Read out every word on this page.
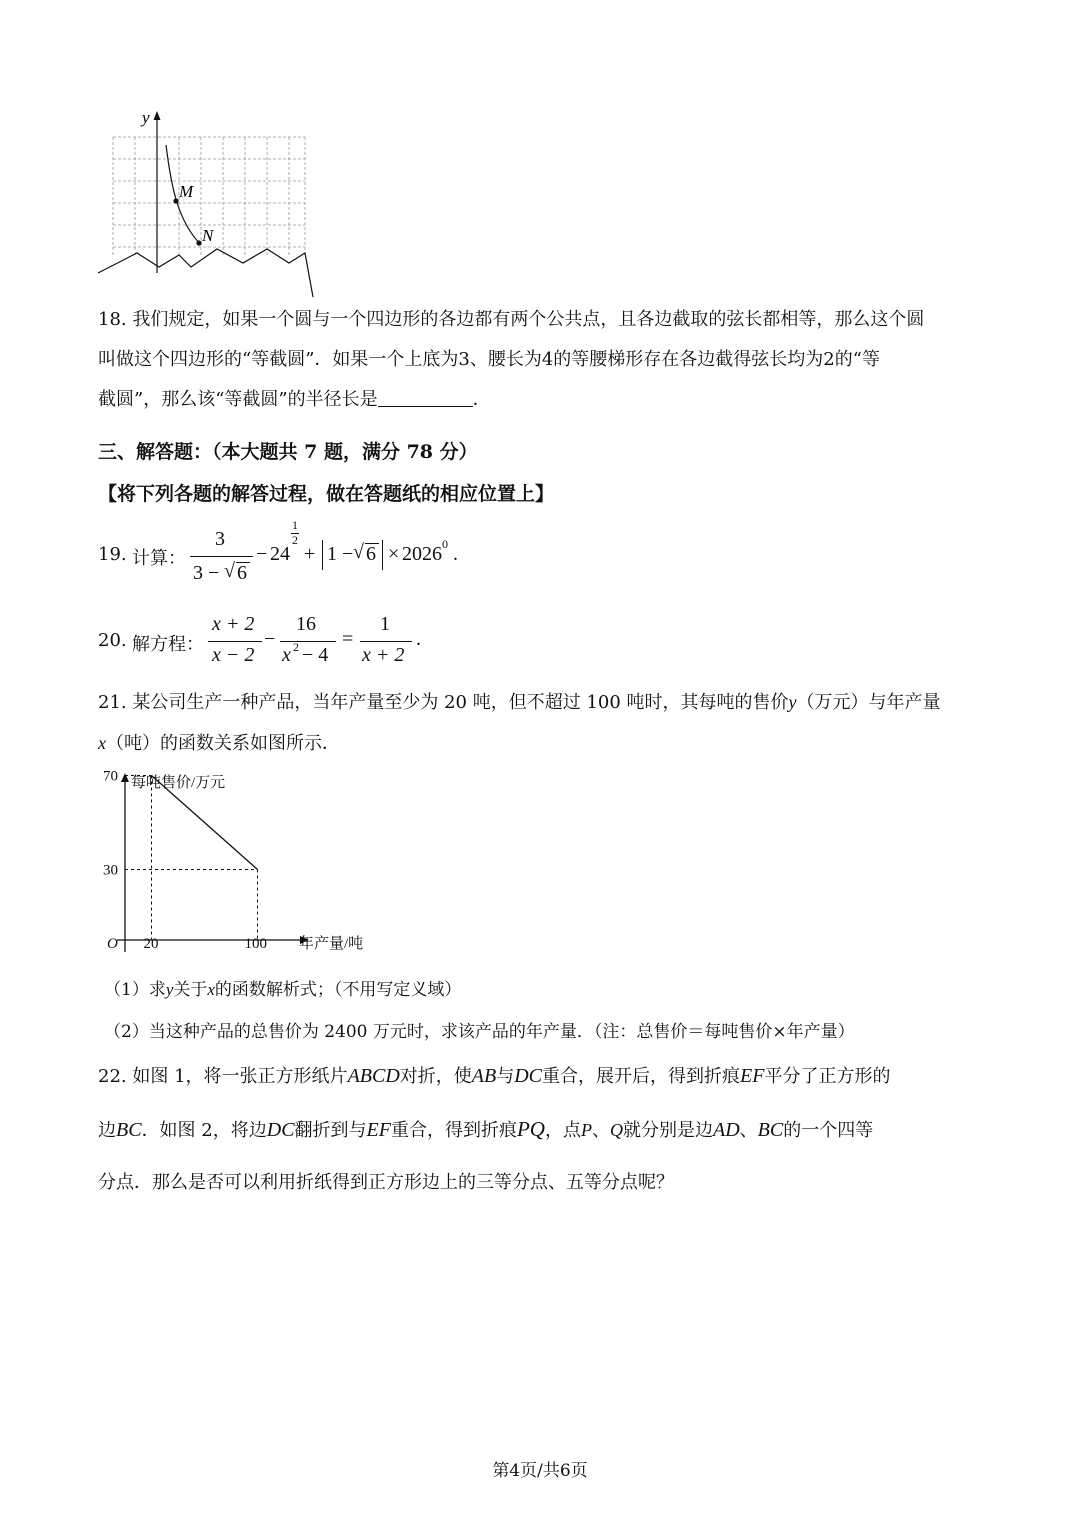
y
M
N
18. 我们规定，如果一个圆与一个四边形的各边都有两个公共点，且各边截取的弦长都相等，那么这个圆
叫做这个四边形的“等截圆”．如果一个上底为3、腰长为4的等腰梯形存在各边截得弦长均为2的“等
截圆”，那么该“等截圆”的半径长是	．
三、解答题：（本大题共 7 题，满分 78 分）
【将下列各题的解答过程，做在答题纸的相应位置上】
19. 计算：
3
3 − √ 6
− 24
1
2
+ 1 − √ 6 × 2026 0 .
20. 解方程：
x + 2
x − 2
−
16
x 2 − 4
=
1
x + 2
.
21. 某公司生产一种产品，当年产量至少为 20 吨，但不超过 100 吨时，其每吨的售价y（万元）与年产量
x（吨）的函数关系如图所示．
每吨售价/万元
年产量/吨
O 20	100
70
30
（1）求y关于x的函数解析式；（不用写定义域）
（2）当这种产品的总售价为 2400 万元时，求该产品的年产量．（注：总售价＝每吨售价×年产量）
22. 如图 1，将一张正方形纸片ABCD对折，使AB与DC重合，展开后，得到折痕EF平分了正方形的
边BC．如图 2，将边DC翻折到与EF重合，得到折痕PQ，点P、Q就分别是边AD、BC的一个四等
分点．那么是否可以利用折纸得到正方形边上的三等分点、五等分点呢？
第4页/共6页
